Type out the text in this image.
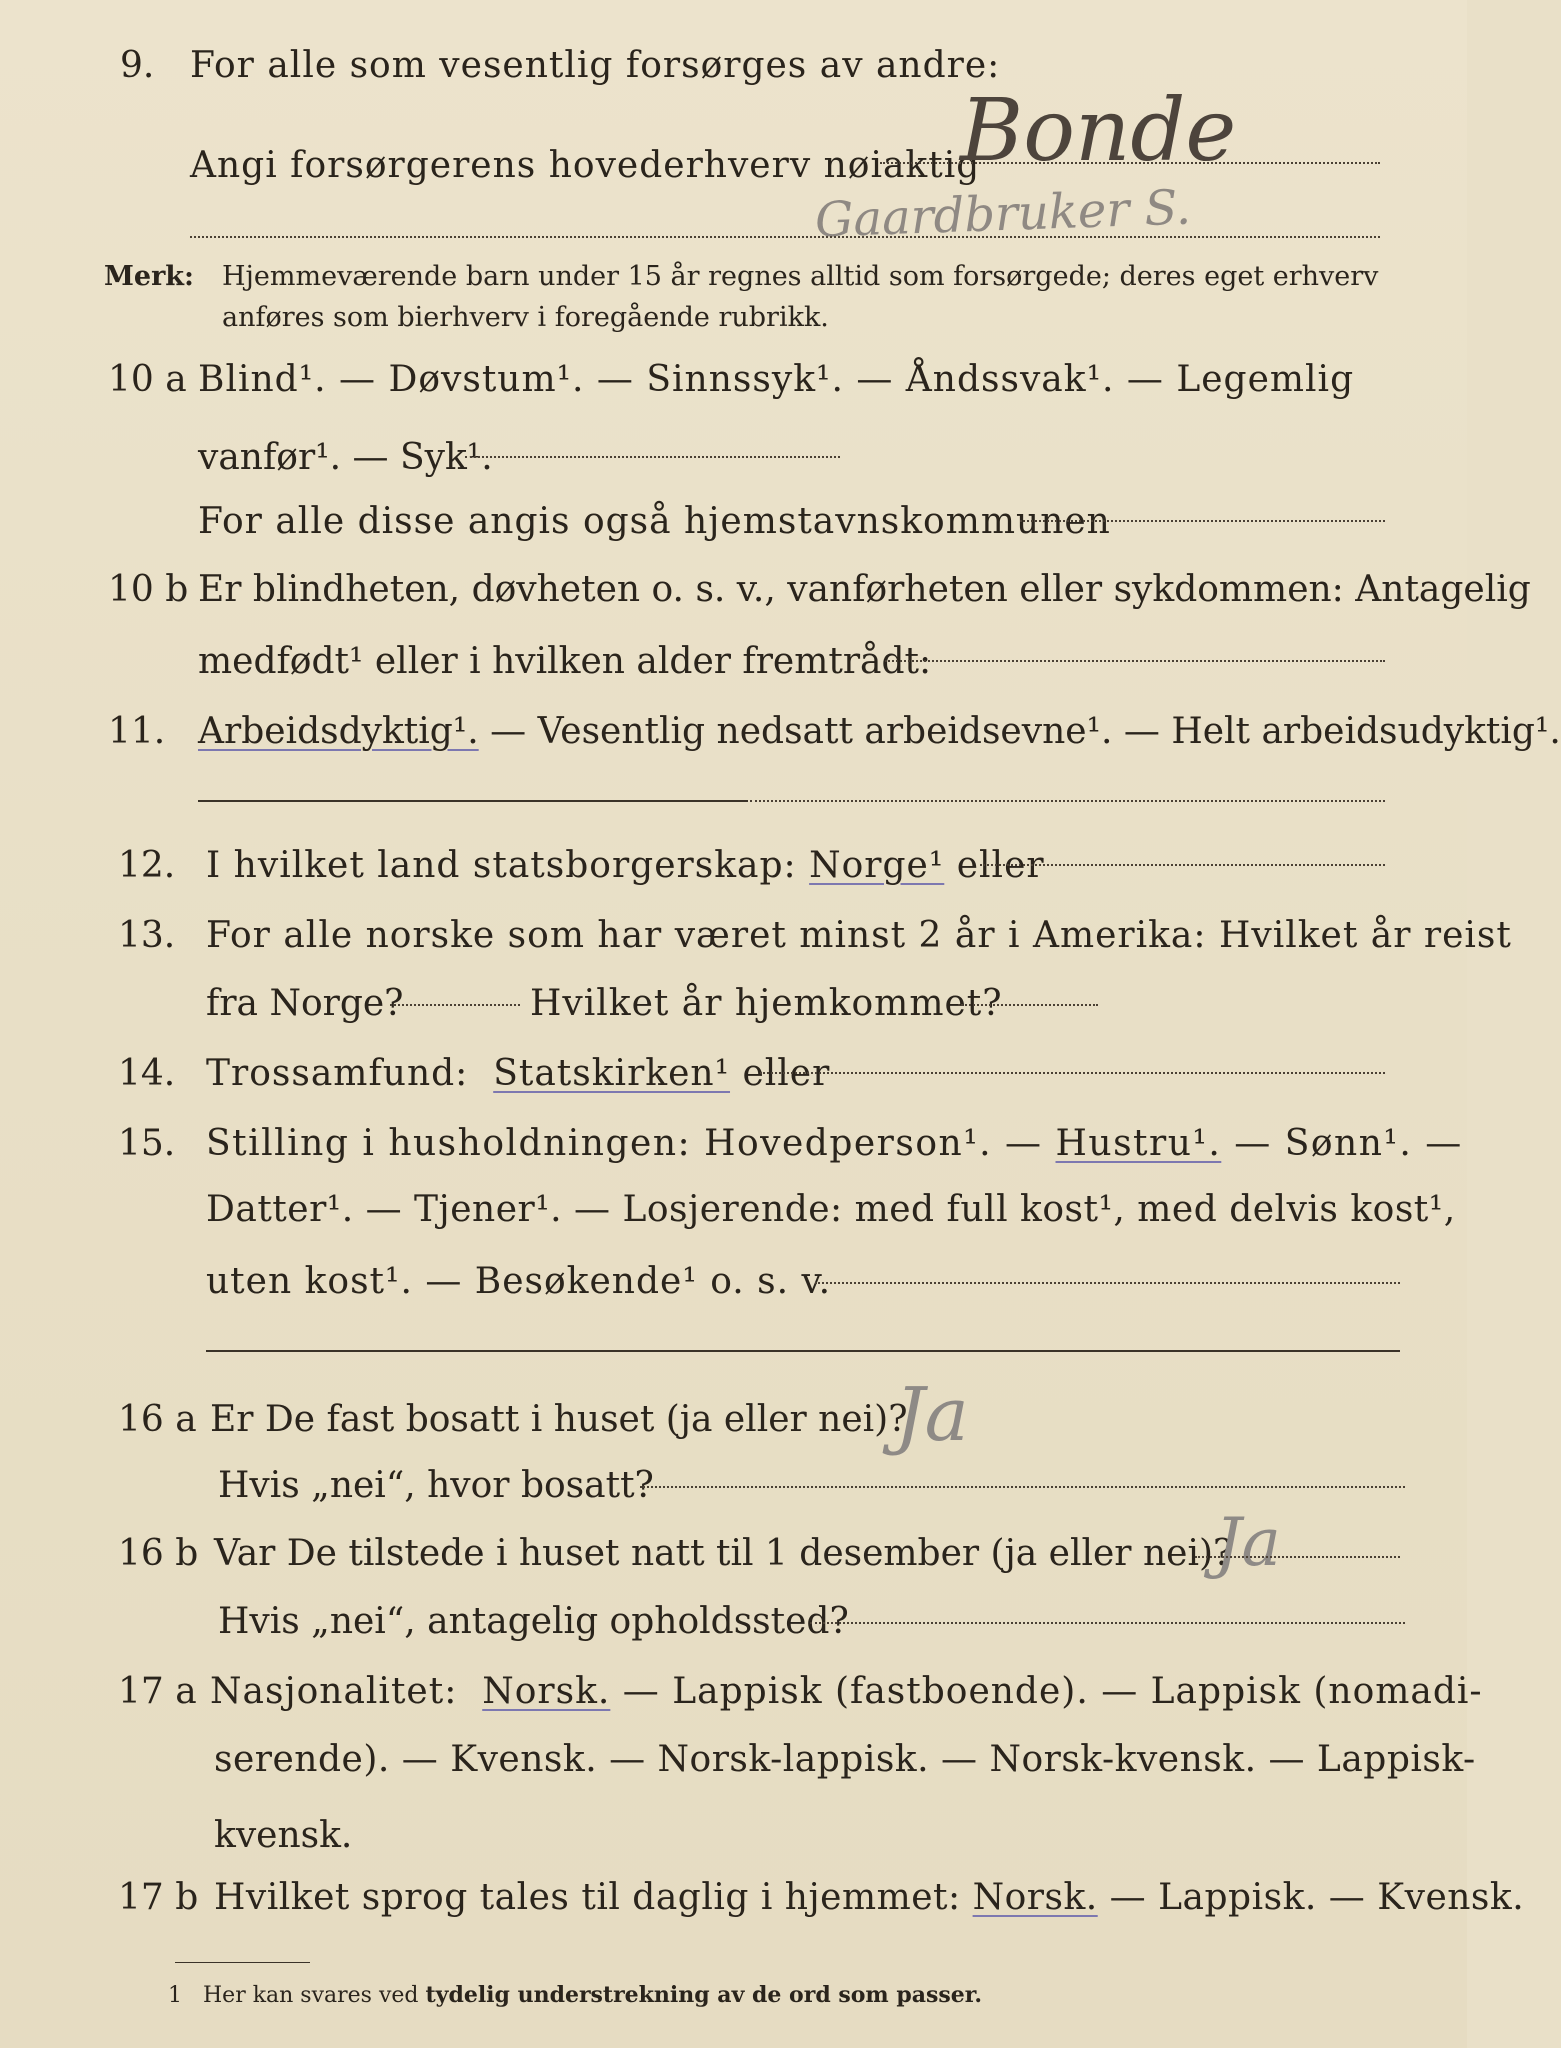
9. For alle som vesentlig forsørges av andre:
Angi forsørgerens hovederhverv nøiaktig
Bonde
Gaardbruker S.
Merk: Hjemmeværende barn under 15 år regnes alltid som forsørgede; deres eget erhverv
anføres som bierhverv i foregående rubrikk.
10 a Blind¹. — Døvstum¹. — Sinnssyk¹. — Åndssvak¹. — Legemlig
vanfør¹. — Syk¹.
For alle disse angis også hjemstavnskommunen
10 b Er blindheten, døvheten o. s. v., vanførheten eller sykdommen: Antagelig
medfødt¹ eller i hvilken alder fremtrådt:
11. Arbeidsdyktig¹. — Vesentlig nedsatt arbeidsevne¹. — Helt arbeidsudyktig¹.
12. I hvilket land statsborgerskap: Norge¹ eller
13. For alle norske som har været minst 2 år i Amerika: Hvilket år reist
fra Norge?	Hvilket år hjemkommet?
14. Trossamfund: Statskirken¹ eller
15. Stilling i husholdningen: Hovedperson¹. — Hustru¹. — Sønn¹. —
Datter¹. — Tjener¹. — Losjerende: med full kost¹, med delvis kost¹,
uten kost¹. — Besøkende¹ o. s. v.
16 a Er De fast bosatt i huset (ja eller nei)?
Ja
Hvis „nei“, hvor bosatt?
16 b Var De tilstede i huset natt til 1 desember (ja eller nei)?
Ja
Hvis „nei“, antagelig opholdssted?
17 a Nasjonalitet: Norsk. — Lappisk (fastboende). — Lappisk (nomadi-
serende). — Kvensk. — Norsk-lappisk. — Norsk-kvensk. — Lappisk-
kvensk.
17 b Hvilket sprog tales til daglig i hjemmet: Norsk. — Lappisk. — Kvensk.
1 Her kan svares ved tydelig understrekning av de ord som passer.
